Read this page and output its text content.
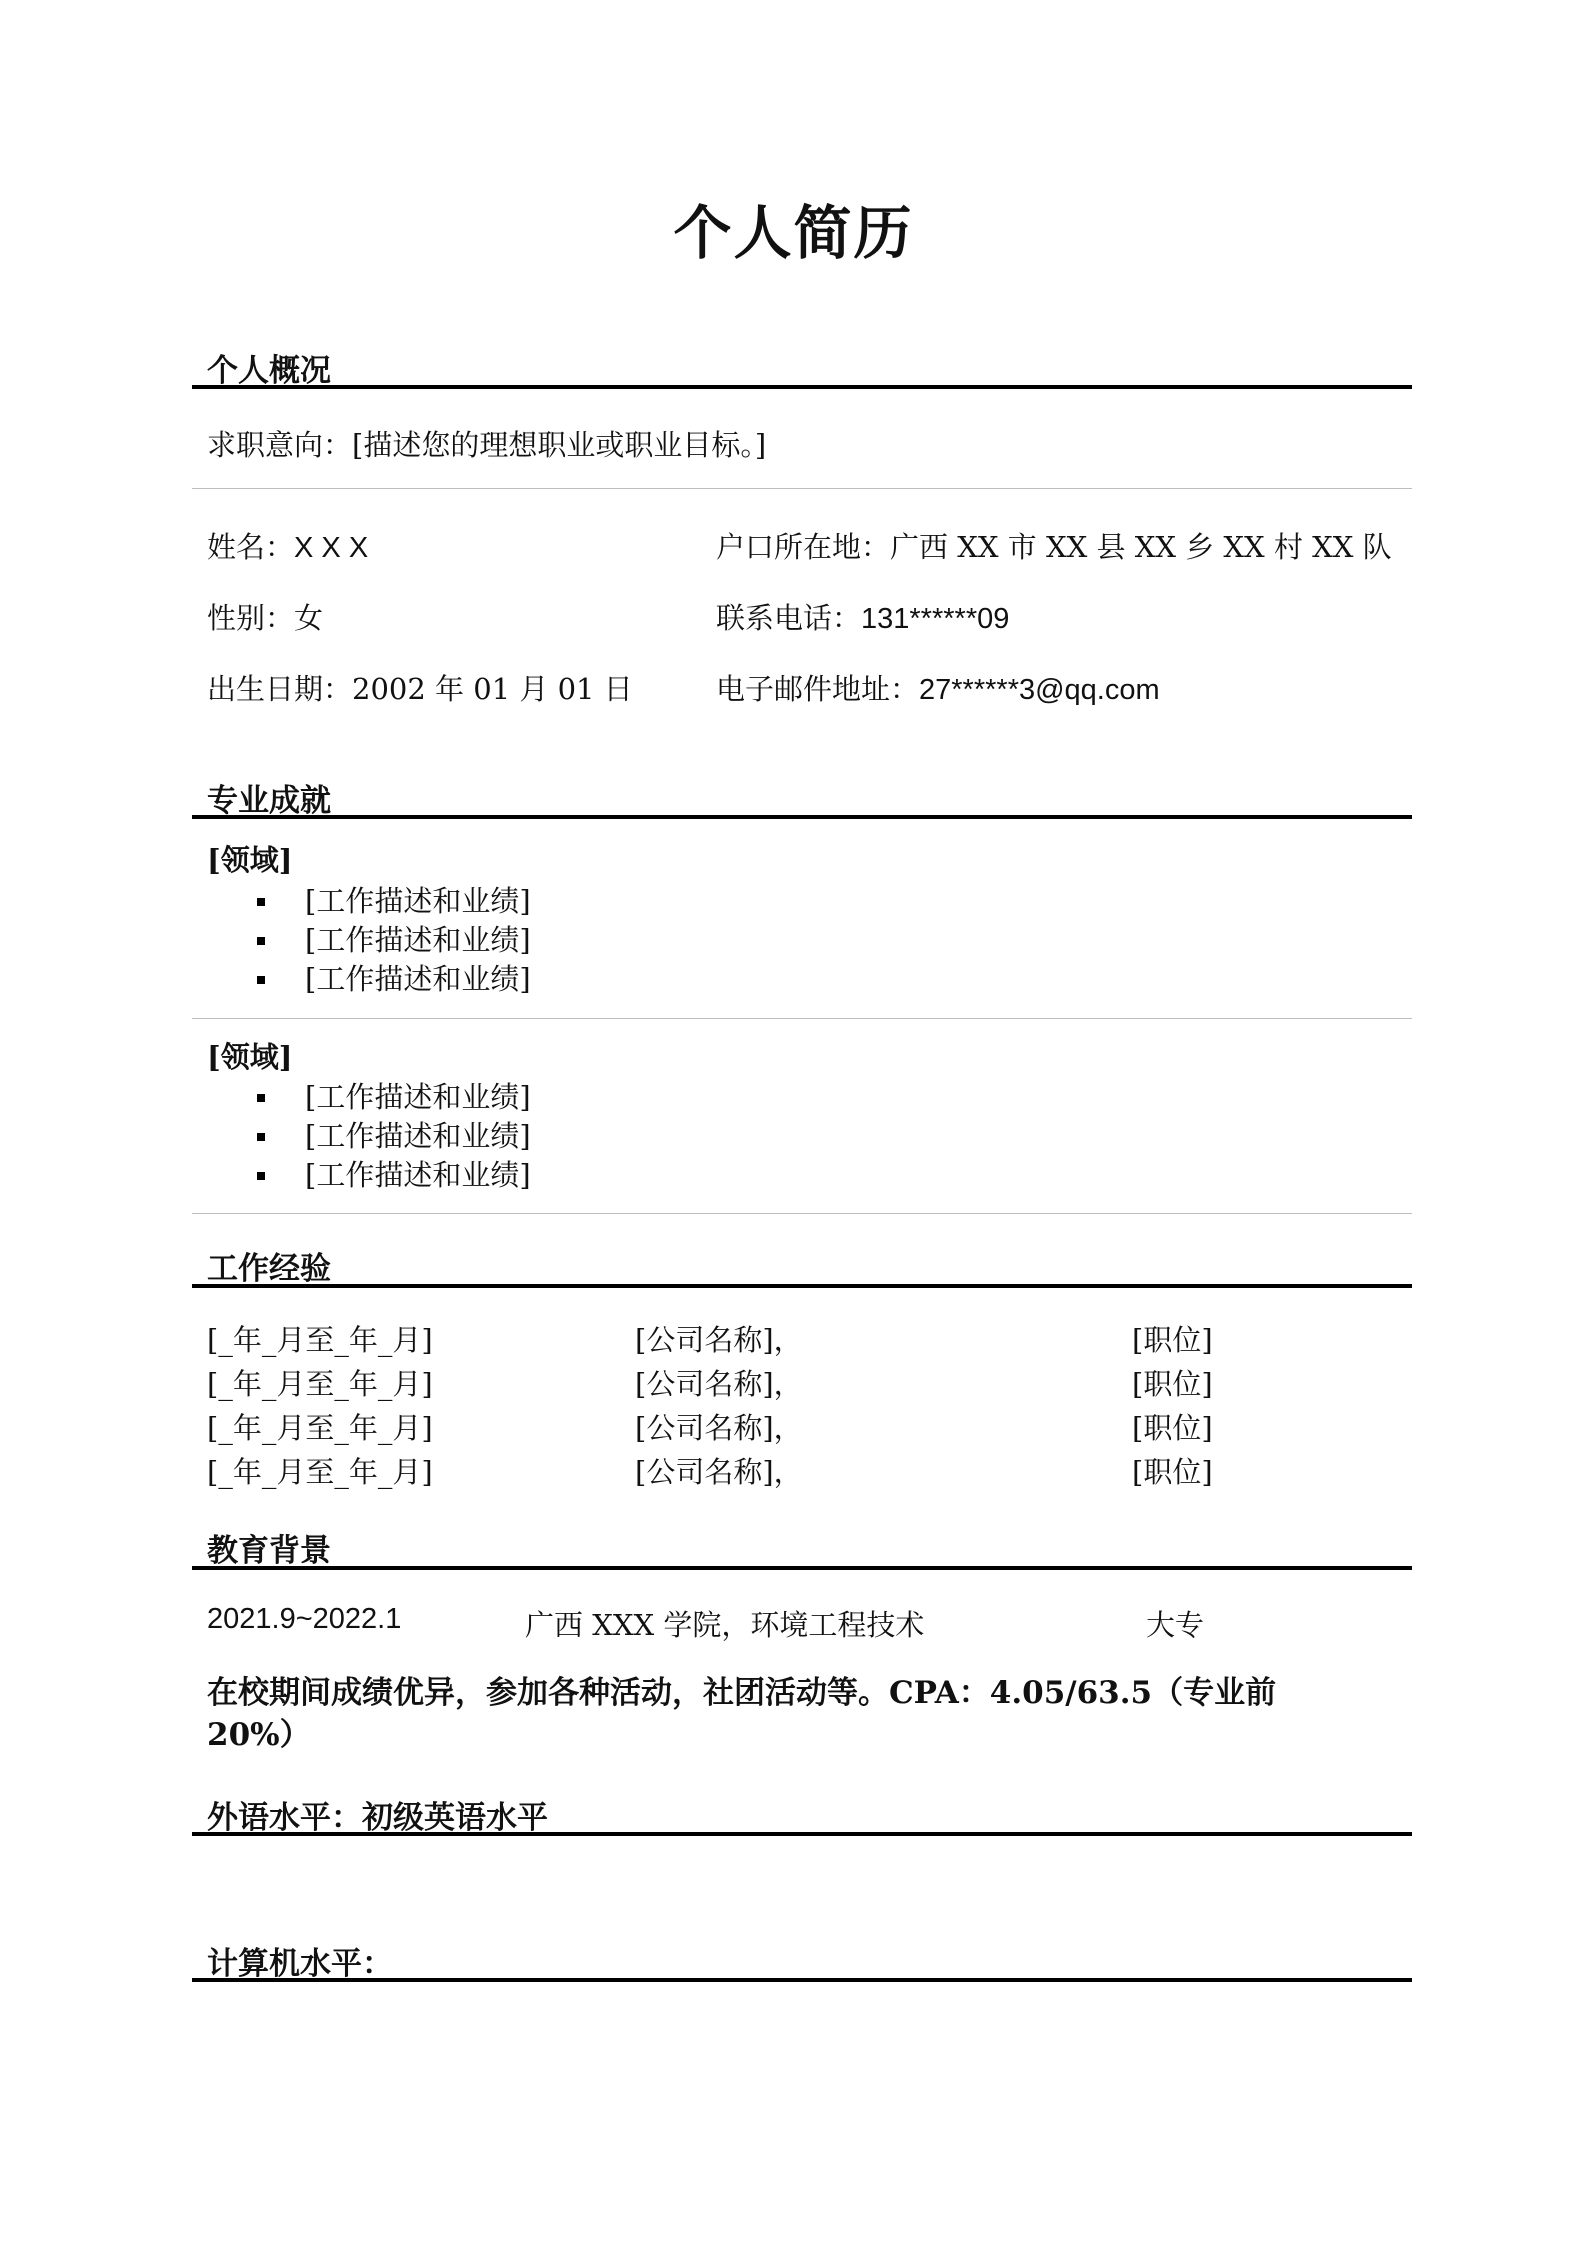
个人简历
个人概况
求职意向：[描述您的理想职业或职业目标。]
姓名：X X X	户口所在地：广西 XX 市 XX 县 XX 乡 XX 村 XX 队
性别：女	联系电话：131******09
出生日期：2002 年 01 月 01 日	电子邮件地址：27******3@qq.com
专业成就
[领域]
[工作描述和业绩]
[工作描述和业绩]
[工作描述和业绩]
[领域]
[工作描述和业绩]
[工作描述和业绩]
[工作描述和业绩]
工作经验
[_年_月至_年_月]	[公司名称]，	[职位]
[_年_月至_年_月]	[公司名称]，	[职位]
[_年_月至_年_月]	[公司名称]，	[职位]
[_年_月至_年_月]	[公司名称]，	[职位]
教育背景
2021.9~2022.1	广西 XXX 学院，环境工程技术	大专
在校期间成绩优异，参加各种活动，社团活动等。CPA：4.05/63.5（专业前20%）
外语水平：初级英语水平
计算机水平：
